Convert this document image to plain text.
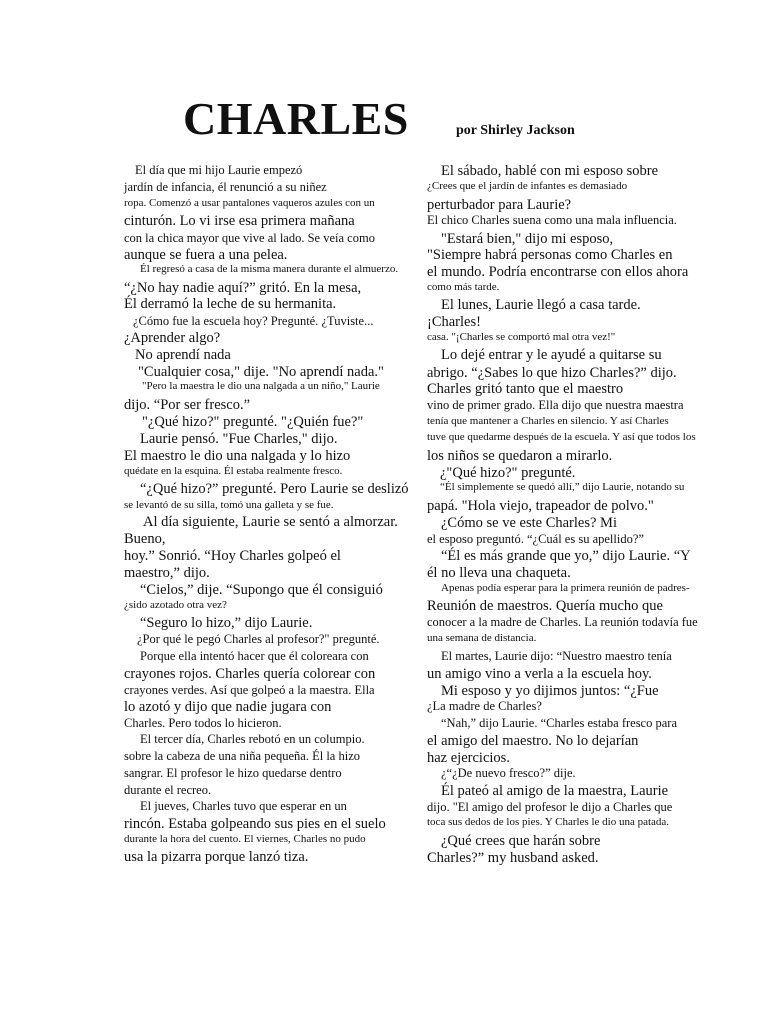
CHARLES	por Shirley Jackson
El día que mi hijo Laurie empezó
jardín de infancia, él renunció a su niñez
ropa. Comenzó a usar pantalones vaqueros azules con un
cinturón. Lo vi irse esa primera mañana
con la chica mayor que vive al lado. Se veía como
aunque se fuera a una pelea.
Él regresó a casa de la misma manera durante el almuerzo.
“¿No hay nadie aquí?” gritó. En la mesa,
Él derramó la leche de su hermanita.
¿Cómo fue la escuela hoy? Pregunté. ¿Tuviste...
¿Aprender algo?
No aprendí nada
"Cualquier cosa," dije. "No aprendí nada."
"Pero la maestra le dio una nalgada a un niño," Laurie
dijo. “Por ser fresco.”
"¿Qué hizo?" pregunté. "¿Quién fue?"
Laurie pensó. "Fue Charles," dijo.
El maestro le dio una nalgada y lo hizo
quédate en la esquina. Él estaba realmente fresco.
“¿Qué hizo?” pregunté. Pero Laurie se deslizó
se levantó de su silla, tomó una galleta y se fue.
Al día siguiente, Laurie se sentó a almorzar.
Bueno,
hoy.” Sonrió. “Hoy Charles golpeó el
maestro,” dijo.
“Cielos,” dije. “Supongo que él consiguió
¿sido azotado otra vez?
“Seguro lo hizo,” dijo Laurie.
¿Por qué le pegó Charles al profesor?" pregunté.
Porque ella intentó hacer que él coloreara con
crayones rojos. Charles quería colorear con
crayones verdes. Así que golpeó a la maestra. Ella
lo azotó y dijo que nadie jugara con
Charles. Pero todos lo hicieron.
El tercer día, Charles rebotó en un columpio.
sobre la cabeza de una niña pequeña. Él la hizo
sangrar. El profesor le hizo quedarse dentro
durante el recreo.
El jueves, Charles tuvo que esperar en un
rincón. Estaba golpeando sus pies en el suelo
durante la hora del cuento. El viernes, Charles no pudo
usa la pizarra porque lanzó tiza.
El sábado, hablé con mi esposo sobre
¿Crees que el jardín de infantes es demasiado
perturbador para Laurie?
El chico Charles suena como una mala influencia.
"Estará bien," dijo mi esposo,
"Siempre habrá personas como Charles en
el mundo. Podría encontrarse con ellos ahora
como más tarde.
El lunes, Laurie llegó a casa tarde.
¡Charles!
casa. "¡Charles se comportó mal otra vez!"
Lo dejé entrar y le ayudé a quitarse su
abrigo. “¿Sabes lo que hizo Charles?” dijo.
Charles gritó tanto que el maestro
vino de primer grado. Ella dijo que nuestra maestra
tenía que mantener a Charles en silencio. Y así Charles
tuve que quedarme después de la escuela. Y así que todos los
los niños se quedaron a mirarlo.
¿"Qué hizo?" pregunté.
“Él simplemente se quedó allí,” dijo Laurie, notando su
papá. "Hola viejo, trapeador de polvo."
¿Cómo se ve este Charles? Mi
el esposo preguntó. “¿Cuál es su apellido?”
“Él es más grande que yo,” dijo Laurie. “Y
él no lleva una chaqueta.
Apenas podía esperar para la primera reunión de padres-
Reunión de maestros. Quería mucho que
conocer a la madre de Charles. La reunión todavía fue
una semana de distancia.
El martes, Laurie dijo: “Nuestro maestro tenía
un amigo vino a verla a la escuela hoy.
Mi esposo y yo dijimos juntos: “¿Fue
¿La madre de Charles?
“Nah,” dijo Laurie. “Charles estaba fresco para
el amigo del maestro. No lo dejarían
haz ejercicios.
¿“¿De nuevo fresco?” dije.
Él pateó al amigo de la maestra, Laurie
dijo. "El amigo del profesor le dijo a Charles que
toca sus dedos de los pies. Y Charles le dio una patada.
¿Qué crees que harán sobre
Charles?” my husband asked.
